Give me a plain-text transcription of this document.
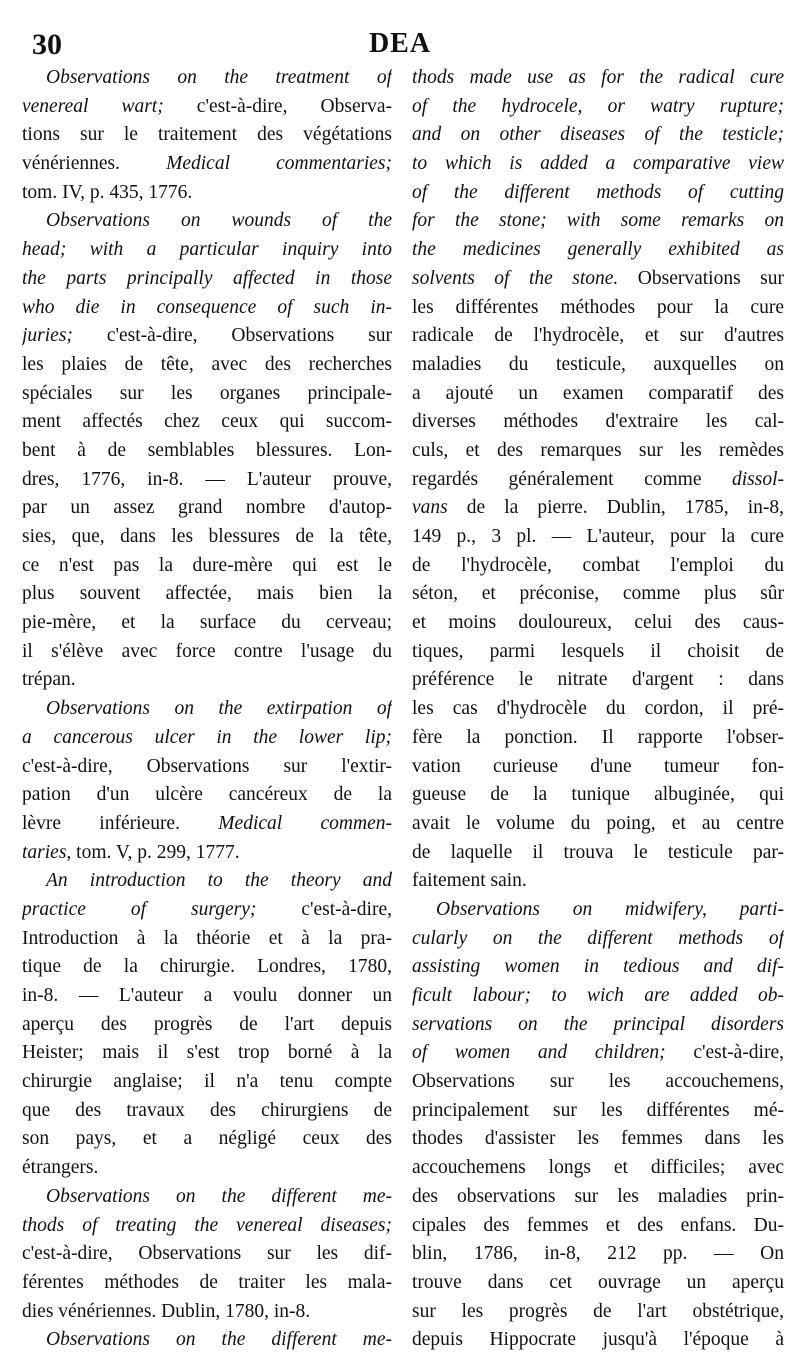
30	DEA
Observations on the treatment of
venereal wart; c'est-à-dire, Observa-
tions sur le traitement des végétations
vénériennes. Medical commentaries;
tom. IV, p. 435, 1776.
Observations on wounds of the
head; with a particular inquiry into
the parts principally affected in those
who die in consequence of such in-
juries; c'est-à-dire, Observations sur
les plaies de tête, avec des recherches
spéciales sur les organes principale-
ment affectés chez ceux qui succom-
bent à de semblables blessures. Lon-
dres, 1776, in-8. — L'auteur prouve,
par un assez grand nombre d'autop-
sies, que, dans les blessures de la tête,
ce n'est pas la dure-mère qui est le
plus souvent affectée, mais bien la
pie-mère, et la surface du cerveau;
il s'élève avec force contre l'usage du
trépan.
Observations on the extirpation of
a cancerous ulcer in the lower lip;
c'est-à-dire, Observations sur l'extir-
pation d'un ulcère cancéreux de la
lèvre inférieure. Medical commen-
taries, tom. V, p. 299, 1777.
An introduction to the theory and
practice of surgery; c'est-à-dire,
Introduction à la théorie et à la pra-
tique de la chirurgie. Londres, 1780,
in-8. — L'auteur a voulu donner un
aperçu des progrès de l'art depuis
Heister; mais il s'est trop borné à la
chirurgie anglaise; il n'a tenu compte
que des travaux des chirurgiens de
son pays, et a négligé ceux des
étrangers.
Observations on the different me-
thods of treating the venereal diseases;
c'est-à-dire, Observations sur les dif-
férentes méthodes de traiter les mala-
dies vénériennes. Dublin, 1780, in-8.
Observations on the different me-
thods made use as for the radical cure
of the hydrocele, or watry rupture;
and on other diseases of the testicle;
to which is added a comparative view
of the different methods of cutting
for the stone; with some remarks on
the medicines generally exhibited as
solvents of the stone. Observations sur
les différentes méthodes pour la cure
radicale de l'hydrocèle, et sur d'autres
maladies du testicule, auxquelles on
a ajouté un examen comparatif des
diverses méthodes d'extraire les cal-
culs, et des remarques sur les remèdes
regardés généralement comme dissol-
vans de la pierre. Dublin, 1785, in-8,
149 p., 3 pl. — L'auteur, pour la cure
de l'hydrocèle, combat l'emploi du
séton, et préconise, comme plus sûr
et moins douloureux, celui des caus-
tiques, parmi lesquels il choisit de
préférence le nitrate d'argent : dans
les cas d'hydrocèle du cordon, il pré-
fère la ponction. Il rapporte l'obser-
vation curieuse d'une tumeur fon-
gueuse de la tunique albuginée, qui
avait le volume du poing, et au centre
de laquelle il trouva le testicule par-
faitement sain.
Observations on midwifery, parti-
cularly on the different methods of
assisting women in tedious and dif-
ficult labour; to wich are added ob-
servations on the principal disorders
of women and children; c'est-à-dire,
Observations sur les accouchemens,
principalement sur les différentes mé-
thodes d'assister les femmes dans les
accouchemens longs et difficiles; avec
des observations sur les maladies prin-
cipales des femmes et des enfans. Du-
blin, 1786, in-8, 212 pp. — On
trouve dans cet ouvrage un aperçu
sur les progrès de l'art obstétrique,
depuis Hippocrate jusqu'à l'époque à
